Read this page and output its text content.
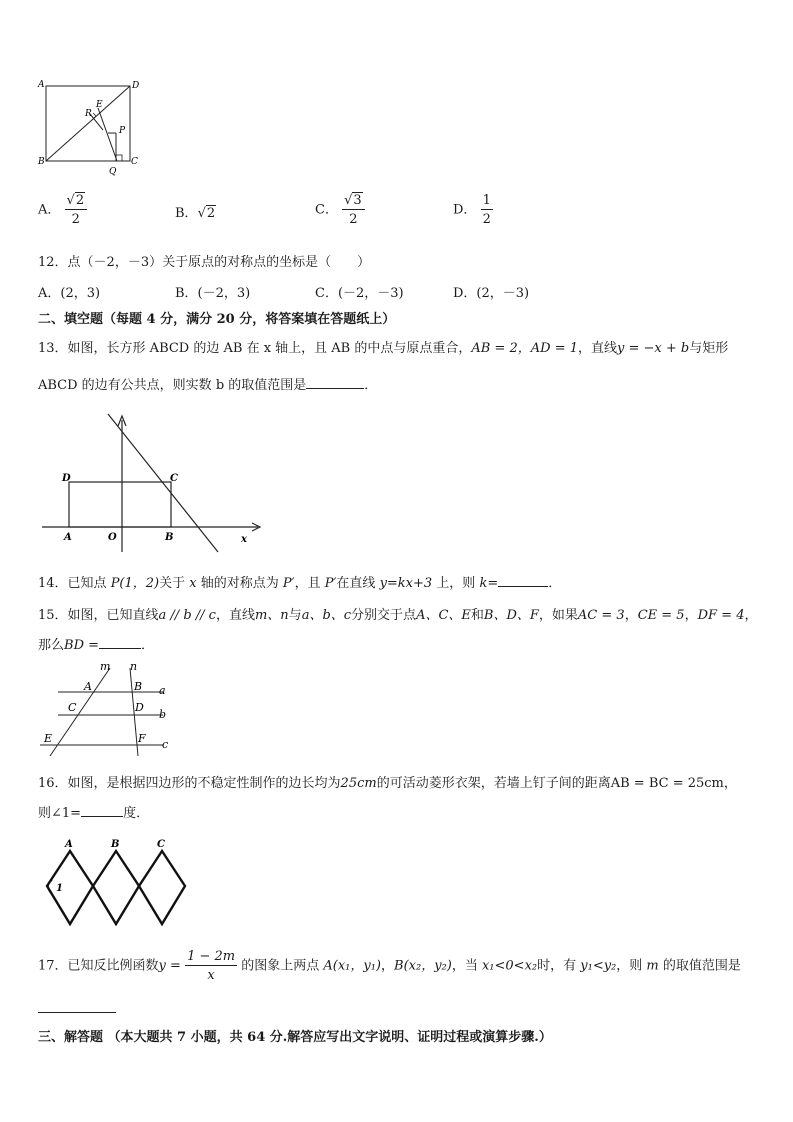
A	D
B	C
E
R
P
Q
A． $\frac{√2}{2}$	B．√2	C． $\frac{√3}{2}$	D． $\frac{1}{2}$
12．点（－2，－3）关于原点的对称点的坐标是（　　）
A．(2，3)	B．(－2，3)	C．(－2，－3)	D．(2，－3)
二、填空题（每题 4 分，满分 20 分，将答案填在答题纸上）
13．如图，长方形 ABCD 的边 AB 在 x 轴上，且 AB 的中点与原点重合，AB = 2，AD = 1，直线y = −x + b与矩形
ABCD 的边有公共点，则实数 b 的取值范围是	．
D	C
A	O	B	x
14．已知点 P(1，2)关于 x 轴的对称点为 P′，且 P′在直线 y=kx+3 上，则 k=	．
15．如图，已知直线a // b // c，直线m、n与a、b、c分别交于点A、C、E和B、D、F，如果AC = 3，CE = 5，DF = 4，
那么BD =	．
m n
A	B a
C	D
b
E	F c
16．如图，是根据四边形的不稳定性制作的边长均为25cm的可活动菱形衣架，若墙上钉子间的距离AB = BC = 25cm，
则∠1=	度．
A	B	C
1
17．已知反比例函数$y = \frac{1 - 2m}{x}$ 的图象上两点 A(x₁，y₁)，B(x₂，y₂)，当 x₁<0<x₂时，有 y₁<y₂，则 m 的取值范围是
三、解答题 （本大题共 7 小题，共 64 分.解答应写出文字说明、证明过程或演算步骤.）
